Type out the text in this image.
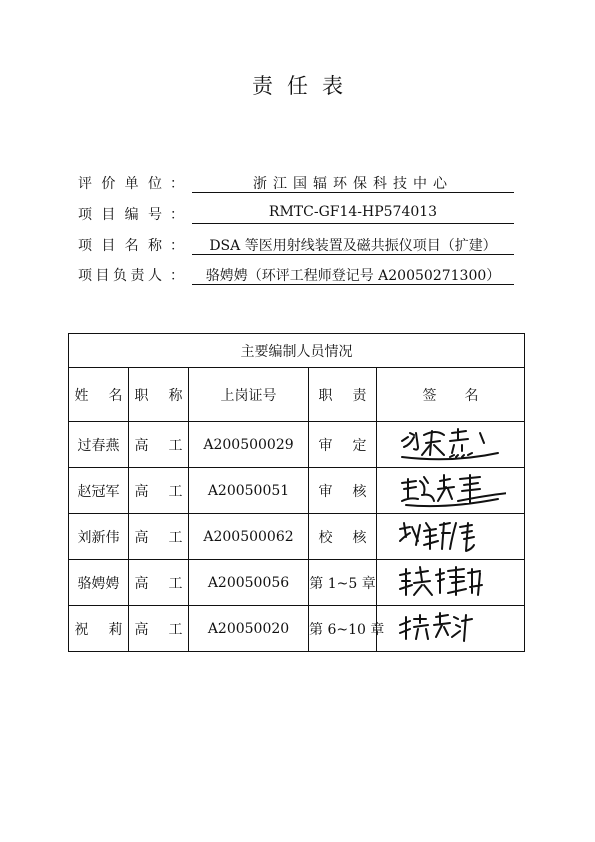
责任表
评 价 单 位 ：	浙江国辐环保科技中心
项 目 编 号 ：	RMTC-GF14-HP574013
项 目 名 称 ：	DSA 等医用射线装置及磁共振仪项目（扩建）
项 目 负 责 人 ：	骆娉娉（环评工程师登记号 A20050271300）
主要编制人员情况				

姓 名	职 称	上岗证号	职 责	签 名

过春燕	高 工	A200500029	审 定

赵冠军	高 工	A20050051	审 核

刘新伟	高 工	A200500062	校 核

骆娉娉	高 工	A20050056	第 1~5 章

祝 莉	高 工	A20050020	第 6~10 章
